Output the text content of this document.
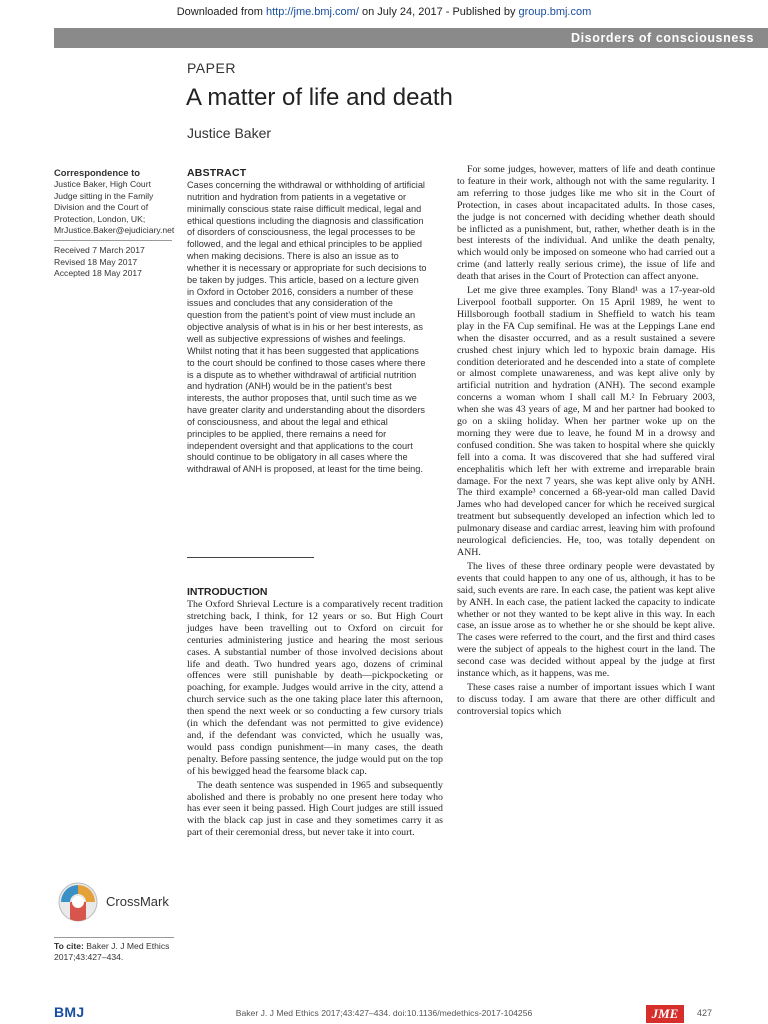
Downloaded from http://jme.bmj.com/ on July 24, 2017 - Published by group.bmj.com
Disorders of consciousness
PAPER
A matter of life and death
Justice Baker
Correspondence to
Justice Baker, High Court Judge sitting in the Family Division and the Court of Protection, London, UK; MrJustice.Baker@ejudiciary.net
Received 7 March 2017
Revised 18 May 2017
Accepted 18 May 2017
ABSTRACT

Cases concerning the withdrawal or withholding of artificial nutrition and hydration from patients in a vegetative or minimally conscious state raise difficult medical, legal and ethical questions including the diagnosis and classification of disorders of consciousness, the legal processes to be followed, and the legal and ethical principles to be applied when making decisions. There is also an issue as to whether it is necessary or appropriate for such decisions to be taken by judges. This article, based on a lecture given in Oxford in October 2016, considers a number of these issues and concludes that any consideration of the question from the patient’s point of view must include an objective analysis of what is in his or her best interests, as well as subjective expressions of wishes and feelings. Whilst noting that it has been suggested that applications to the court should be confined to those cases where there is a dispute as to whether withdrawal of artificial nutrition and hydration (ANH) would be in the patient’s best interests, the author proposes that, until such time as we have greater clarity and understanding about the disorders of consciousness, and about the legal and ethical principles to be applied, there remains a need for independent oversight and that applications to the court should continue to be obligatory in all cases where the withdrawal of ANH is proposed, at least for the time being.

INTRODUCTION

The Oxford Shrieval Lecture is a comparatively recent tradition stretching back, I think, for 12 years or so. But High Court judges have been travelling out to Oxford on circuit for centuries administering justice and hearing the most serious cases. A substantial number of those involved decisions about life and death. Two hundred years ago, dozens of criminal offences were still punishable by death—pickpocketing or poaching, for example. Judges would arrive in the city, attend a church service such as the one taking place later this afternoon, then spend the next week or so conducting a few cursory trials (in which the defendant was not permitted to give evidence) and, if the defendant was convicted, which he usually was, would pass condign punishment—in many cases, the death penalty. Before passing sentence, the judge would put on the top of his bewigged head the fearsome black cap.

The death sentence was suspended in 1965 and subsequently abolished and there is probably no one present here today who has ever seen it being passed. High Court judges are still issued with the black cap just in case and they sometimes carry it as part of their ceremonial dress, but never take it into court.

For some judges, however, matters of life and death continue to feature in their work, although not with the same regularity. I am referring to those judges like me who sit in the Court of Protection, in cases about incapacitated adults. In those cases, the judge is not concerned with deciding whether death should be inflicted as a punishment, but, rather, whether death is in the best interests of the individual. And unlike the death penalty, which would only be imposed on someone who had carried out a crime (and latterly really serious crime), the issue of life and death that arises in the Court of Protection can affect anyone.

Let me give three examples. Tony Bland¹ was a 17-year-old Liverpool football supporter. On 15 April 1989, he went to Hillsborough football stadium in Sheffield to watch his team play in the FA Cup semifinal. He was at the Leppings Lane end when the disaster occurred, and as a result sustained a severe crushed chest injury which led to hypoxic brain damage. His condition deteriorated and he descended into a state of complete or almost complete unawareness, and was kept alive only by artificial nutrition and hydration (ANH). The second example concerns a woman whom I shall call M.² In February 2003, when she was 43 years of age, M and her partner had booked to go on a skiing holiday. When her partner woke up on the morning they were due to leave, he found M in a drowsy and confused condition. She was taken to hospital where she quickly fell into a coma. It was discovered that she had suffered viral encephalitis which left her with extreme and irreparable brain damage. For the next 7 years, she was kept alive only by ANH. The third example³ concerned a 68-year-old man called David James who had developed cancer for which he received surgical treatment but subsequently developed an infection which led to pulmonary disease and cardiac arrest, leaving him with profound neurological deficiencies. He, too, was totally dependent on ANH.

The lives of these three ordinary people were devastated by events that could happen to any one of us, although, it has to be said, such events are rare. In each case, the patient was kept alive by ANH. In each case, the patient lacked the capacity to indicate whether or not they wanted to be kept alive in this way. In each case, an issue arose as to whether he or she should be kept alive. The cases were referred to the court, and the first and third cases were the subject of appeals to the highest court in the land. The second case was decided without appeal by the judge at first instance which, as it happens, was me.

These cases raise a number of important issues which I want to discuss today. I am aware that there are other difficult and controversial topics which

CrossMark
To cite: Baker J. J Med Ethics 2017;43:427–434.
BMJ	Baker J. J Med Ethics 2017;43:427–434. doi:10.1136/medethics-2017-104256	JME	427
